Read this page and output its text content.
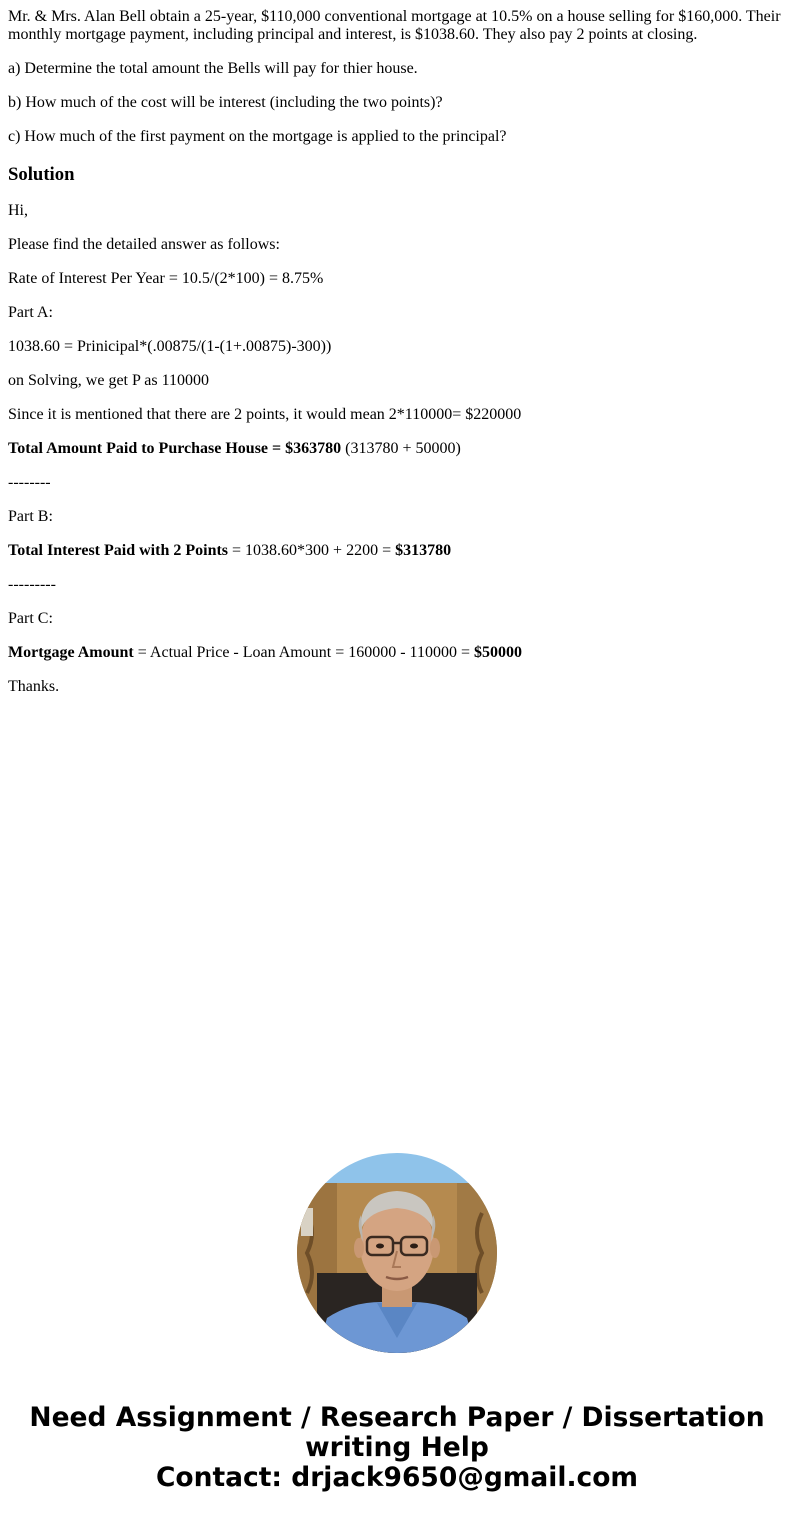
Mr. & Mrs. Alan Bell obtain a 25-year, $110,000 conventional mortgage at 10.5% on a house selling for $160,000. Their monthly mortgage payment, including principal and interest, is $1038.60. They also pay 2 points at closing.

a) Determine the total amount the Bells will pay for thier house.

b) How much of the cost will be interest (including the two points)?

c) How much of the first payment on the mortgage is applied to the principal?

Solution

Hi,

Please find the detailed answer as follows:

Rate of Interest Per Year = 10.5/(2*100) = 8.75%

Part A:

1038.60 = Prinicipal*(.00875/(1-(1+.00875)-300))

on Solving, we get P as 110000

Since it is mentioned that there are 2 points, it would mean 2*110000= $220000

Total Amount Paid to Purchase House = $363780 (313780 + 50000)

--------

Part B:

Total Interest Paid with 2 Points = 1038.60*300 + 2200 = $313780

---------

Part C:

Mortgage Amount = Actual Price - Loan Amount = 160000 - 110000 = $50000

Thanks.

Need Assignment / Research Paper / Dissertation
writing Help
Contact: drjack9650@gmail.com
